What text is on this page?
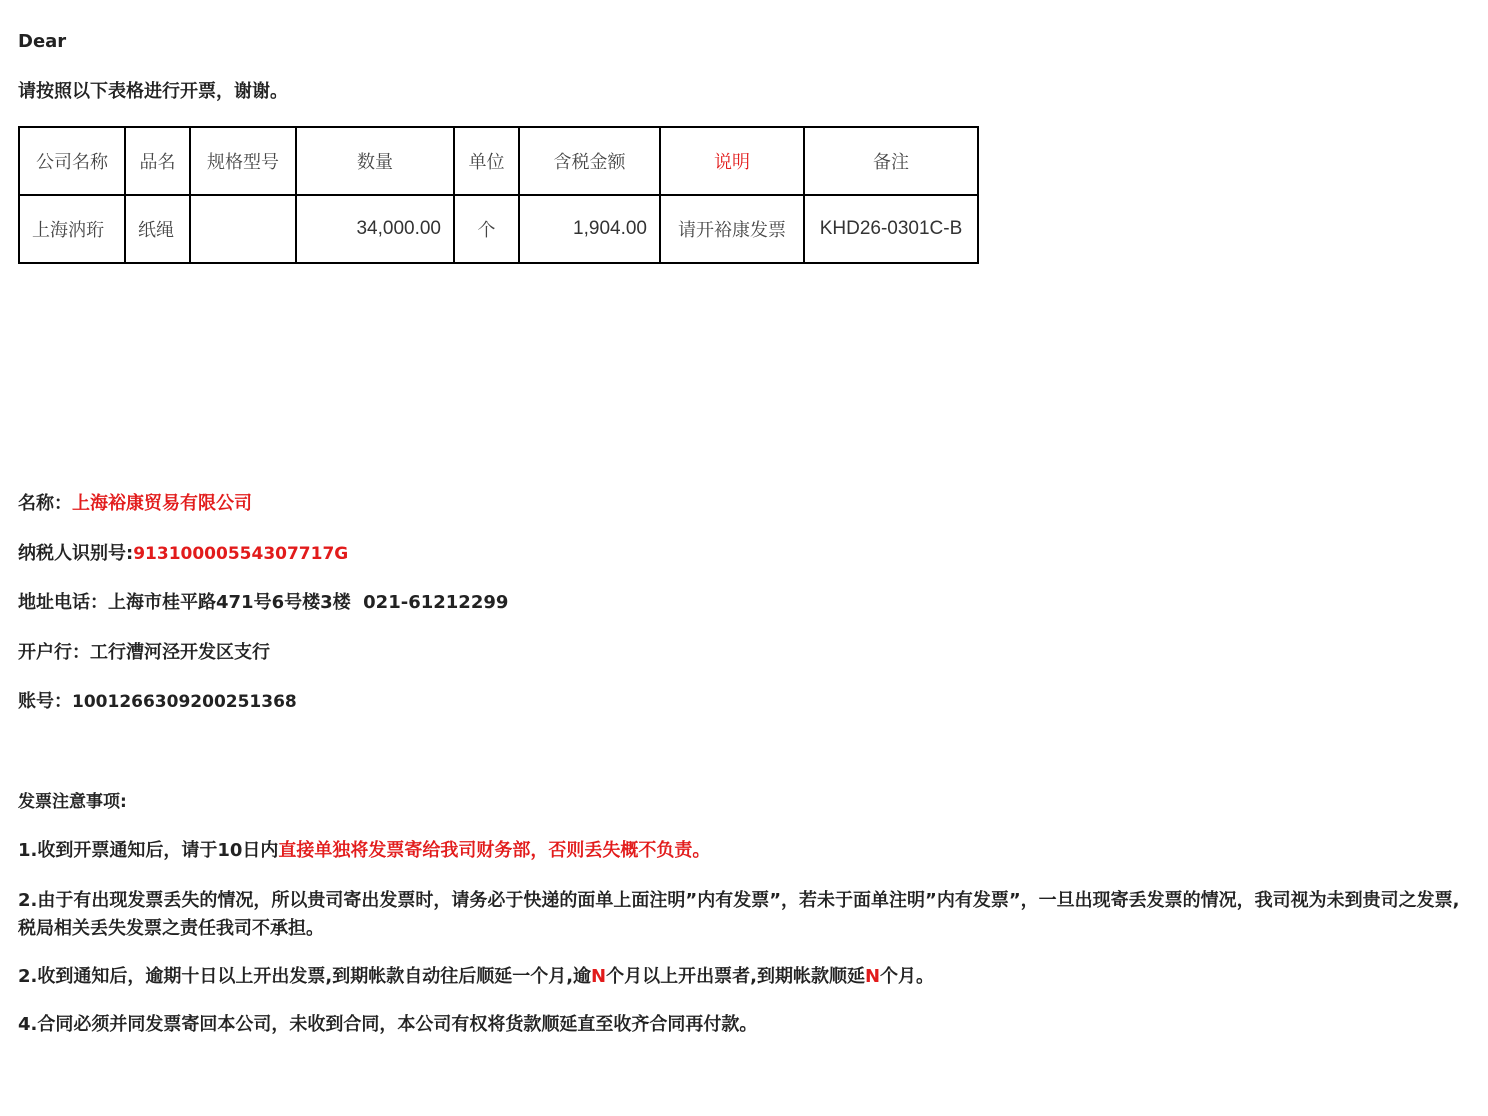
Dear
请按照以下表格进行开票，谢谢。
公司名称	品名	规格型号	数量	单位	含税金额	说明	备注
上海汭珩	纸绳		34,000.00	个	1,904.00	请开裕康发票	KHD26-0301C-B
名称：上海裕康贸易有限公司
纳税人识别号:913100005543077​17G
地址电话：上海市桂平路471号6号楼3楼  021-61212299
开户行：工行漕河泾开发区支行
账号：1001266309200251368
发票注意事项:
1.收到开票通知后，请于10日内直接单独将发票寄给我司财务部，否则丢失概不负责。
2.由于有出现发票丢失的情况，所以贵司寄出发票时，请务必于快递的面单上面注明”内有发票”，若未于面单注明”内有发票”，一旦出现寄丢发票的情况，我司视为未到贵司之发票,税局相关丢失发票之责任我司不承担。
2.收到通知后，逾期十日以上开出发票,到期帐款自动往后顺延一个月,逾N个月以上开出票者,到期帐款顺延N个月。
4.合同必须并同发票寄回本公司，未收到合同，本公司有权将货款顺延直至收齐合同再付款。
